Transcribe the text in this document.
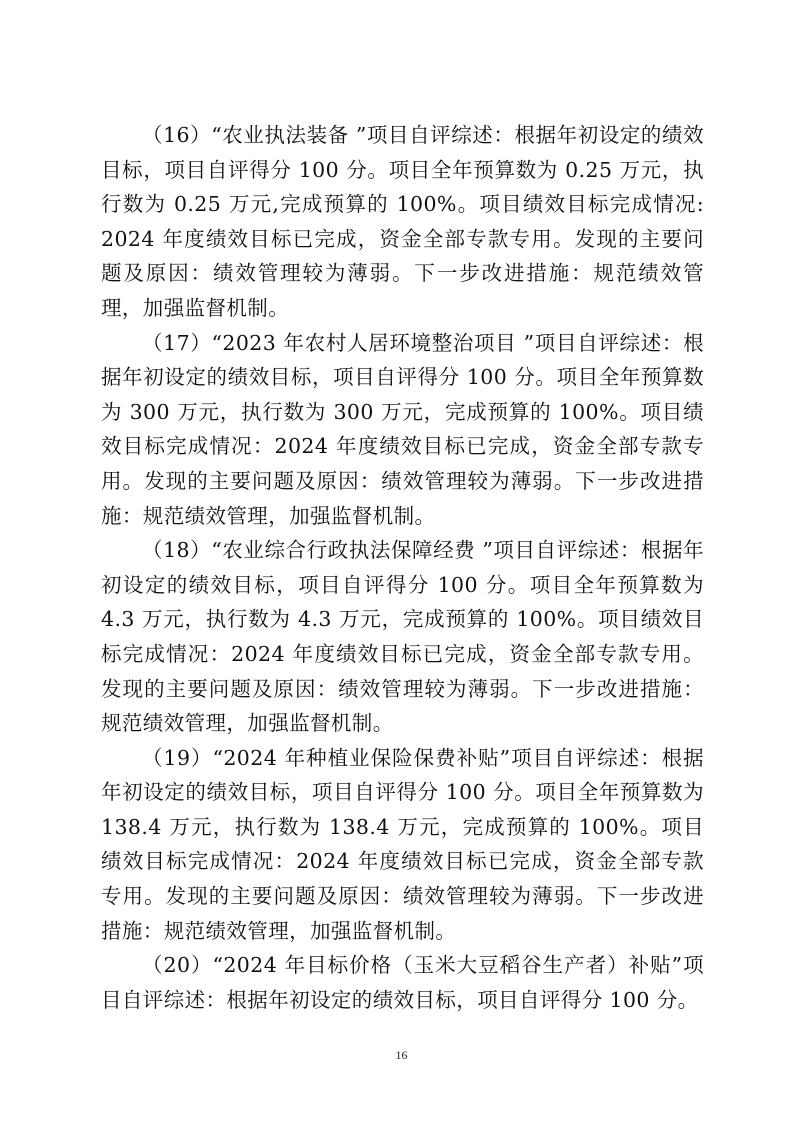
（16）“农业执法装备 ”项目自评综述：根据年初设定的绩效目标，项目自评得分 100 分。项目全年预算数为 0.25 万元，执行数为 0.25 万元,完成预算的 100%。项目绩效目标完成情况: 2024 年度绩效目标已完成，资金全部专款专用。发现的主要问题及原因：绩效管理较为薄弱。下一步改进措施：规范绩效管理，加强监督机制。

（17）“2023 年农村人居环境整治项目 ”项目自评综述：根据年初设定的绩效目标，项目自评得分 100 分。项目全年预算数为 300 万元，执行数为 300 万元，完成预算的 100%。项目绩效目标完成情况：2024 年度绩效目标已完成，资金全部专款专用。发现的主要问题及原因：绩效管理较为薄弱。下一步改进措施：规范绩效管理，加强监督机制。

（18）“农业综合行政执法保障经费 ”项目自评综述：根据年初设定的绩效目标，项目自评得分 100 分。项目全年预算数为 4.3 万元，执行数为 4.3 万元，完成预算的 100%。项目绩效目标完成情况：2024 年度绩效目标已完成，资金全部专款专用。发现的主要问题及原因：绩效管理较为薄弱。下一步改进措施：规范绩效管理，加强监督机制。

（19）“2024 年种植业保险保费补贴”项目自评综述：根据年初设定的绩效目标，项目自评得分 100 分。项目全年预算数为 138.4 万元，执行数为 138.4 万元，完成预算的 100%。项目绩效目标完成情况：2024 年度绩效目标已完成，资金全部专款专用。发现的主要问题及原因：绩效管理较为薄弱。下一步改进措施：规范绩效管理，加强监督机制。

（20）“2024 年目标价格（玉米大豆稻谷生产者）补贴”项目自评综述：根据年初设定的绩效目标，项目自评得分 100 分。

16
